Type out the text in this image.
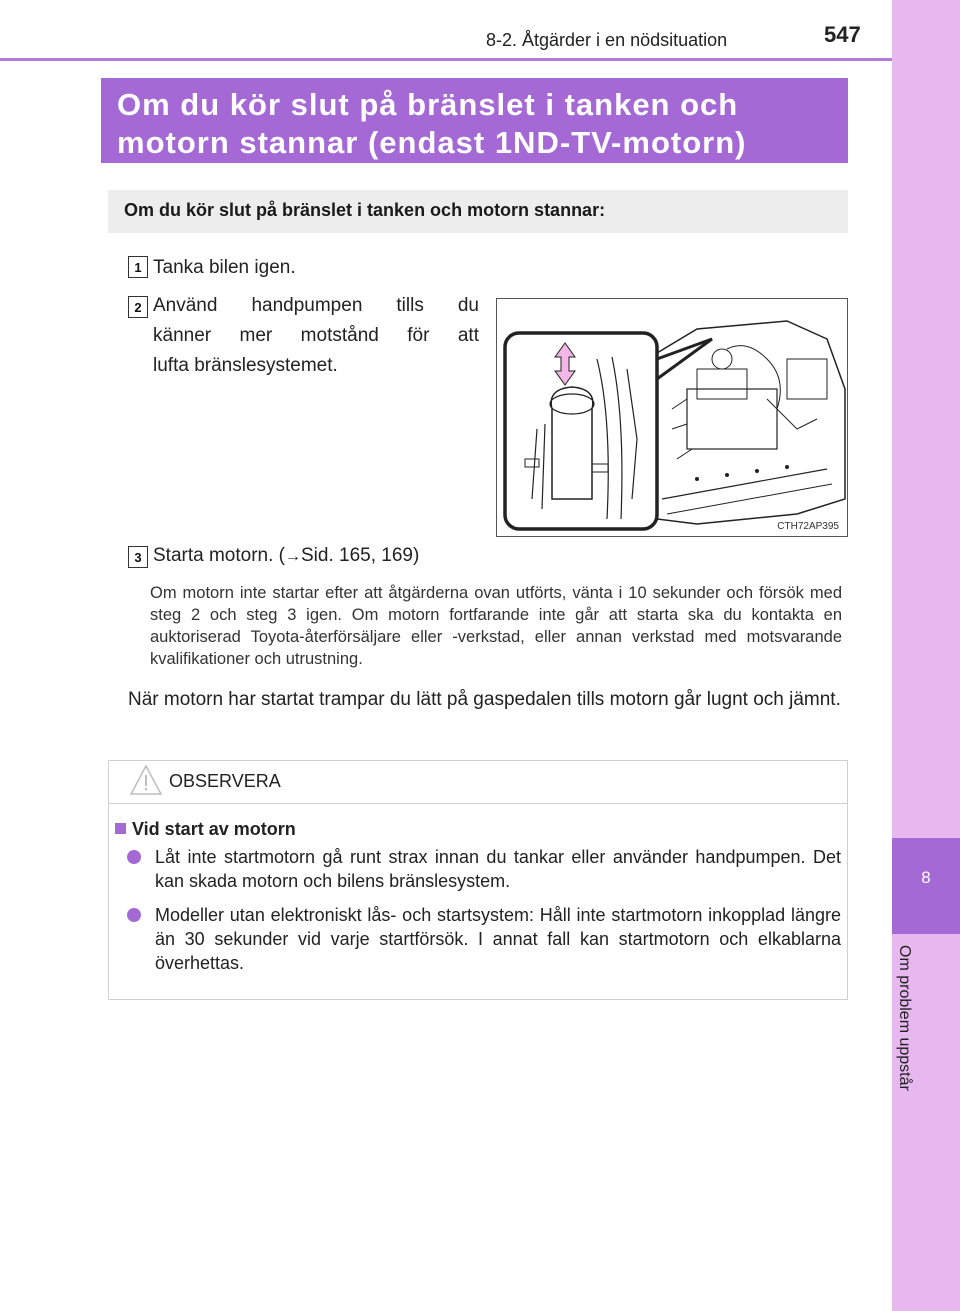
8
Om problem uppstår
8-2. Åtgärder i en nödsituation	547
Om du kör slut på bränslet i tanken och
motorn stannar (endast 1ND-TV-motorn)
Om du kör slut på bränslet i tanken och motorn stannar:
1 Tanka bilen igen.
2 Använd handpumpen tills du
känner mer motstånd för att
lufta bränslesystemet.
CTH72AP395
3 Starta motorn. (→Sid. 165, 169)
Om motorn inte startar efter att åtgärderna ovan utförts, vänta i 10 sekunder och försök med steg 2 och steg 3 igen. Om motorn fortfarande inte går att starta ska du kontakta en auktoriserad Toyota-återförsäljare eller -verkstad, eller annan verkstad med motsvarande kvalifikationer och utrustning.
När motorn har startat trampar du lätt på gaspedalen tills motorn går lugnt och jämnt.
OBSERVERA
Vid start av motorn
Låt inte startmotorn gå runt strax innan du tankar eller använder handpumpen. Det kan skada motorn och bilens bränslesystem.
Modeller utan elektroniskt lås- och startsystem: Håll inte startmotorn inkopplad längre än 30 sekunder vid varje startförsök. I annat fall kan startmotorn och elkablarna överhettas.
